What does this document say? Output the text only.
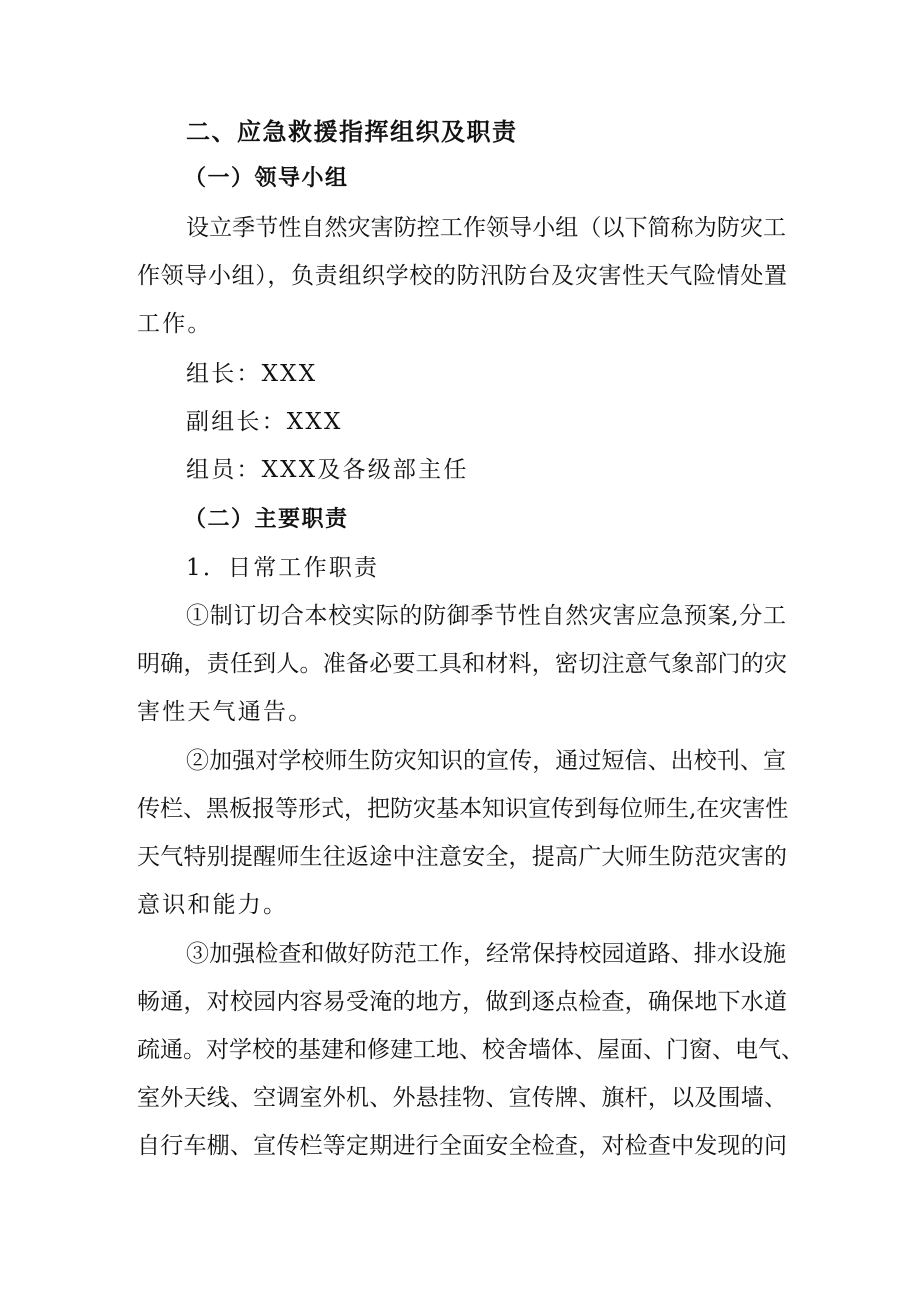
二、应急救援指挥组织及职责
（一）领导小组
设立季节性自然灾害防控工作领导小组（以下简称为防灾工
作领导小组），负责组织学校的防汛防台及灾害性天气险情处置
工作。
组长：XXX
副组长：XXX
组员：XXX及各级部主任
（二）主要职责
1．日常工作职责
①制订切合本校实际的防御季节性自然灾害应急预案,分工
明确，责任到人。准备必要工具和材料，密切注意气象部门的灾
害性天气通告。
②加强对学校师生防灾知识的宣传，通过短信、出校刊、宣
传栏、黑板报等形式，把防灾基本知识宣传到每位师生,在灾害性
天气特别提醒师生往返途中注意安全，提高广大师生防范灾害的
意识和能力。
③加强检查和做好防范工作，经常保持校园道路、排水设施
畅通，对校园内容易受淹的地方，做到逐点检查，确保地下水道
疏通。对学校的基建和修建工地、校舍墙体、屋面、门窗、电气、
室外天线、空调室外机、外悬挂物、宣传牌、旗杆，以及围墙、
自行车棚、宣传栏等定期进行全面安全检查，对检查中发现的问
